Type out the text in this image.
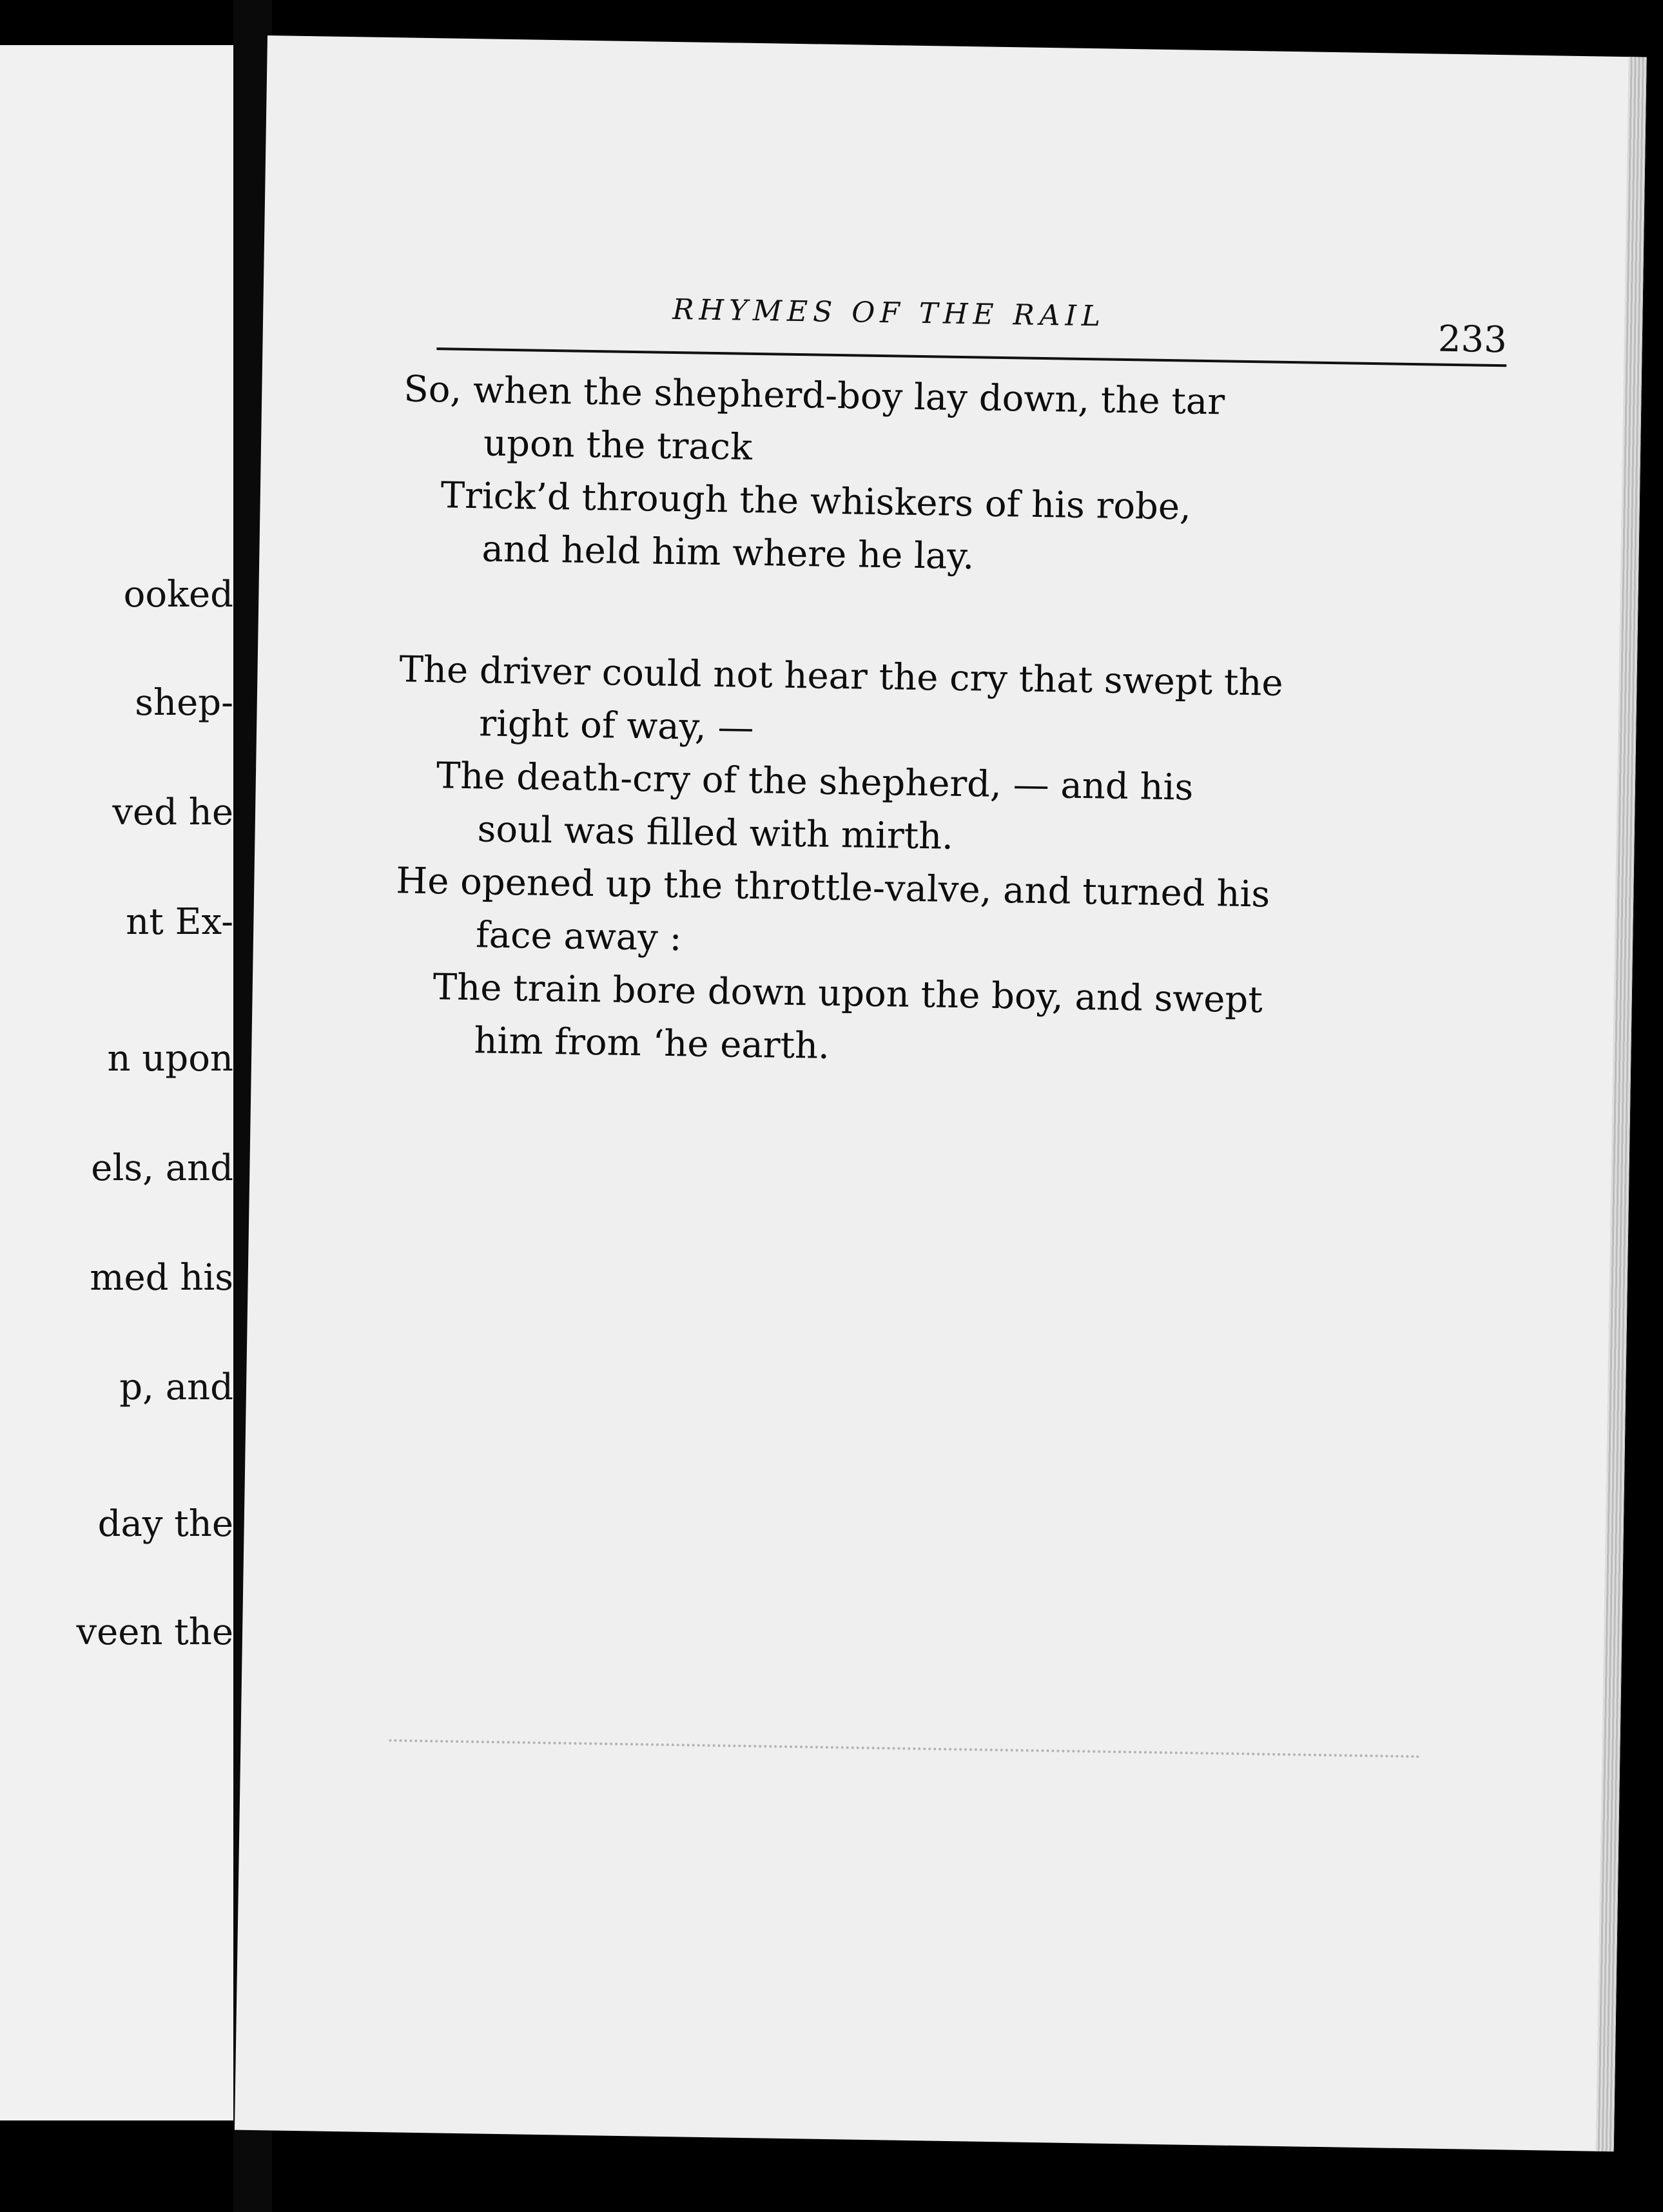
ooked
shep-
ved he
nt Ex-
n upon
els, and
med his
p, and
day the
veen the
RHYMES OF THE RAIL
233

So, when the shepherd-boy lay down, the tar

upon the track

Trick’d through the whiskers of his robe,

and held him where he lay.

The driver could not hear the cry that swept the

right of way, —

The death-cry of the shepherd, — and his

soul was filled with mirth.

He opened up the throttle-valve, and turned his

face away :

The train bore down upon the boy, and swept

him from ‘he earth.
